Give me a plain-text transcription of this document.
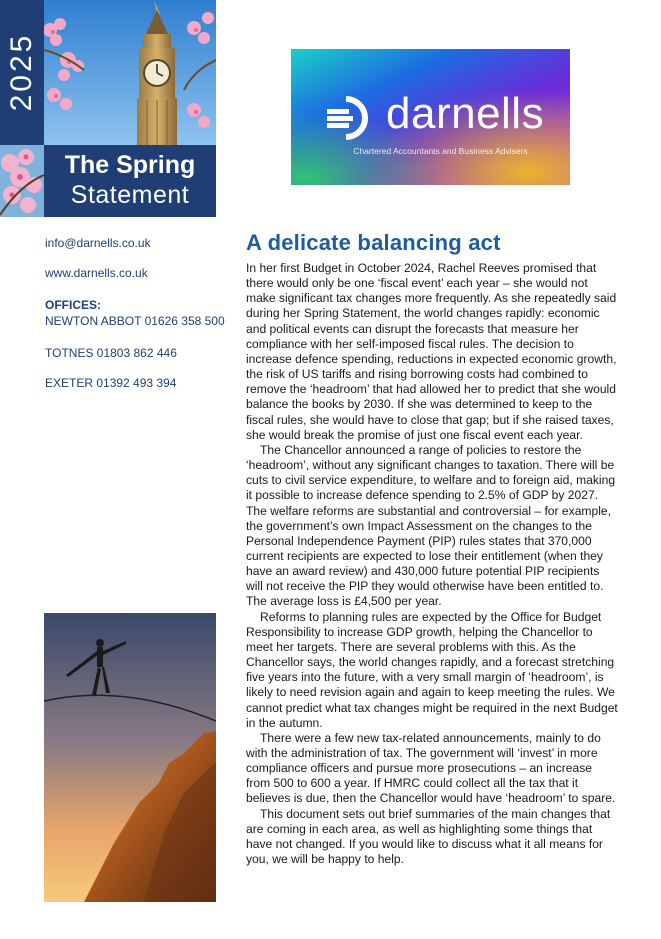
2025
The Spring
Statement
darnells
Chartered Accountants and Business Advisers
info@darnells.co.uk
www.darnells.co.uk
OFFICES:
NEWTON ABBOT 01626 358 500
TOTNES 01803 862 446
EXETER 01392 493 394
A delicate balancing act

In her first Budget in October 2024, Rachel Reeves promised that there would only be one ‘fiscal event’ each year – she would not make significant tax changes more frequently. As she repeatedly said during her Spring Statement, the world changes rapidly: economic and political events can disrupt the forecasts that measure her compliance with her self-imposed fiscal rules. The decision to increase defence spending, reductions in expected economic growth, the risk of US tariffs and rising borrowing costs had combined to remove the ‘headroom’ that had allowed her to predict that she would balance the books by 2030. If she was determined to keep to the fiscal rules, she would have to close that gap; but if she raised taxes, she would break the promise of just one fiscal event each year.

The Chancellor announced a range of policies to restore the ‘headroom’, without any significant changes to taxation. There will be cuts to civil service expenditure, to welfare and to foreign aid, making it possible to increase defence spending to 2.5% of GDP by 2027. The welfare reforms are substantial and controversial – for example, the government’s own Impact Assessment on the changes to the Personal Independence Payment (PIP) rules states that 370,000 current recipients are expected to lose their entitlement (when they have an award review) and 430,000 future potential PIP recipients will not receive the PIP they would otherwise have been entitled to. The average loss is £4,500 per year.

Reforms to planning rules are expected by the Office for Budget Responsibility to increase GDP growth, helping the Chancellor to meet her targets. There are several problems with this. As the Chancellor says, the world changes rapidly, and a forecast stretching five years into the future, with a very small margin of ‘headroom’, is likely to need revision again and again to keep meeting the rules. We cannot predict what tax changes might be required in the next Budget in the autumn.

There were a few new tax-related announcements, mainly to do with the administration of tax. The government will ‘invest’ in more compliance officers and pursue more prosecutions – an increase from 500 to 600 a year. If HMRC could collect all the tax that it believes is due, then the Chancellor would have ‘headroom’ to spare.

This document sets out brief summaries of the main changes that are coming in each area, as well as highlighting some things that have not changed. If you would like to discuss what it all means for you, we will be happy to help.
